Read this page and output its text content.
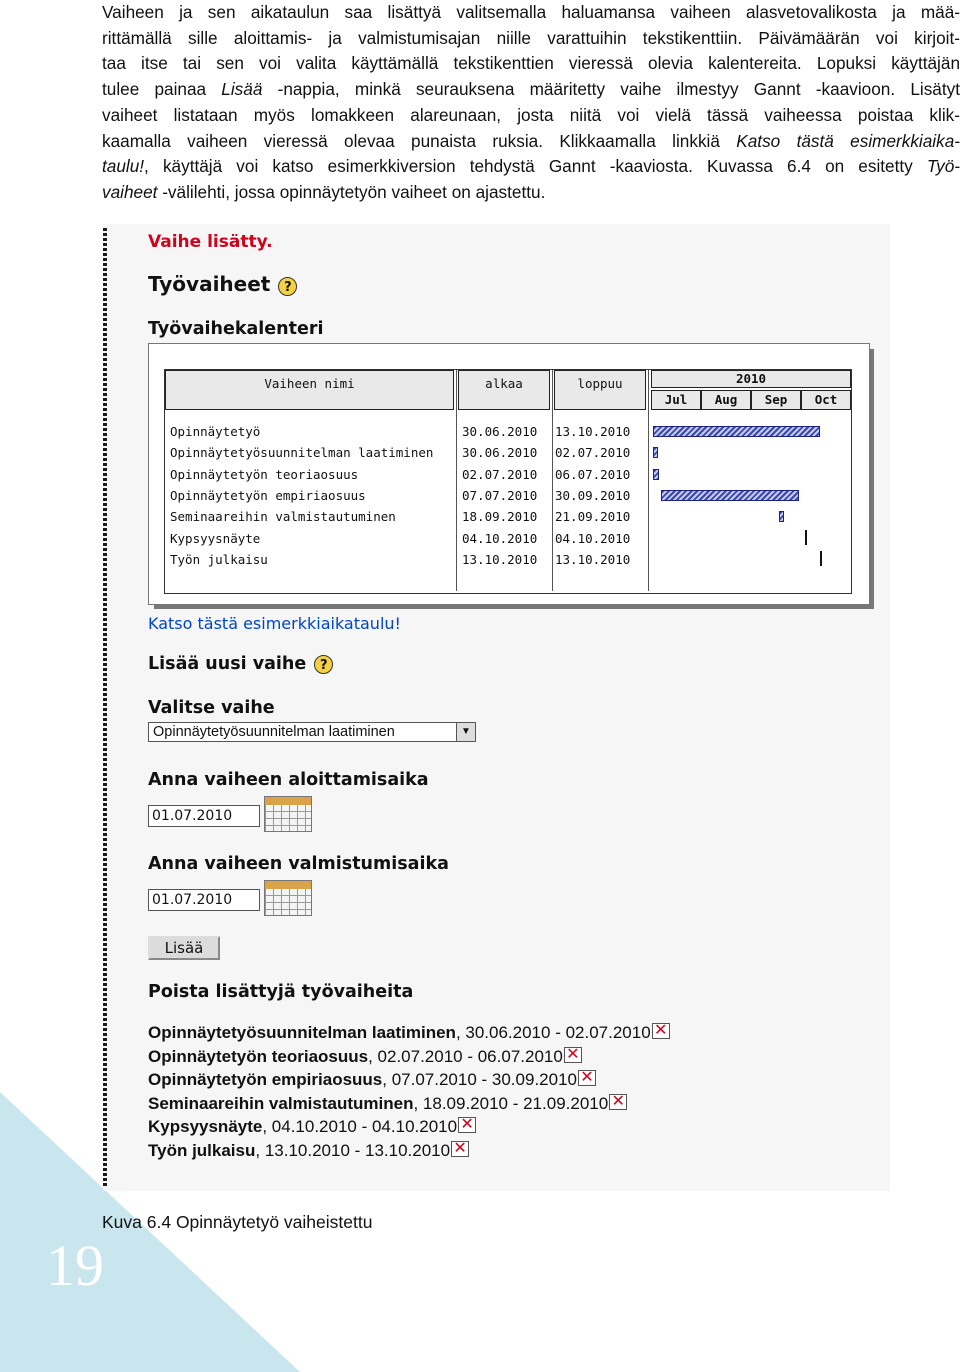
19
Vaiheen ja sen aikataulun saa lisättyä valitsemalla haluamansa vaiheen alasvetovalikosta ja mää-
rittämällä sille aloittamis- ja valmistumisajan niille varattuihin tekstikenttiin. Päivämäärän voi kirjoit-
taa itse tai sen voi valita käyttämällä tekstikenttien vieressä olevia kalentereita. Lopuksi käyttäjän
tulee painaa Lisää -nappia, minkä seurauksena määritetty vaihe ilmestyy Gannt -kaavioon. Lisätyt
vaiheet listataan myös lomakkeen alareunaan, josta niitä voi vielä tässä vaiheessa poistaa klik-
kaamalla vaiheen vieressä olevaa punaista ruksia. Klikkaamalla linkkiä Katso tästä esimerkkiaika-
taulu!, käyttäjä voi katso esimerkkiversion tehdystä Gannt -kaaviosta. Kuvassa 6.4 on esitetty Työ-
vaiheet -välilehti, jossa opinnäytetyön vaiheet on ajastettu.
Vaihe lisätty.
Työvaiheet ?
Työvaihekalenteri
Vaiheen nimi	alkaa	loppuu	2010
Jul	Aug	Sep	Oct
Opinnäytetyö	30.06.2010 13.10.2010
Opinnäytetyösuunnitelman laatiminen 30.06.2010 02.07.2010
Opinnäytetyön teoriaosuus	02.07.2010 06.07.2010
Opinnäytetyön empiriaosuus	07.07.2010 30.09.2010
Seminaareihin valmistautuminen	18.09.2010 21.09.2010
Kypsyysnäyte	04.10.2010 04.10.2010
Työn julkaisu	13.10.2010 13.10.2010
Katso tästä esimerkkiaikataulu!
Lisää uusi vaihe ?
Valitse vaihe
Opinnäytetyösuunnitelman laatiminen	▼
Anna vaiheen aloittamisaika
01.07.2010
Anna vaiheen valmistumisaika
01.07.2010
Lisää
Poista lisättyjä työvaiheita
Opinnäytetyösuunnitelman laatiminen, 30.06.2010 - 02.07.2010 ✕
Opinnäytetyön teoriaosuus, 02.07.2010 - 06.07.2010 ✕
Opinnäytetyön empiriaosuus, 07.07.2010 - 30.09.2010 ✕
Seminaareihin valmistautuminen, 18.09.2010 - 21.09.2010 ✕
Kypsyysnäyte, 04.10.2010 - 04.10.2010 ✕
Työn julkaisu, 13.10.2010 - 13.10.2010 ✕
Kuva 6.4 Opinnäytetyö vaiheistettu
